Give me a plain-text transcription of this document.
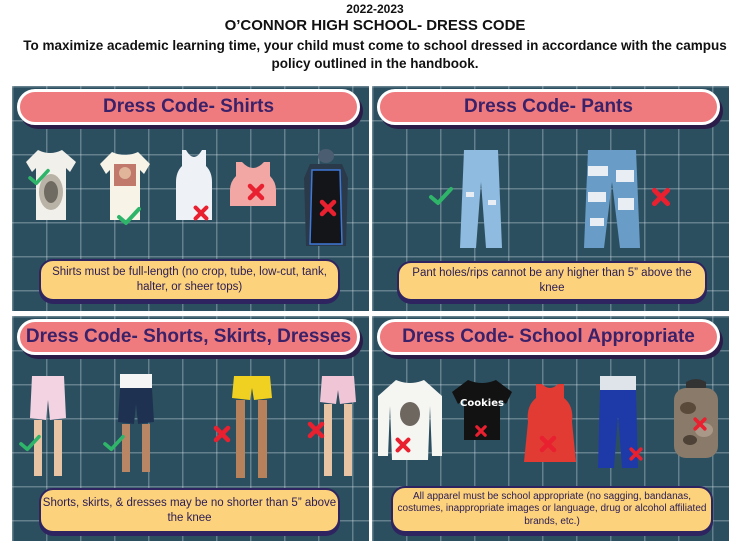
2022-2023
O’CONNOR HIGH SCHOOL- DRESS CODE
To maximize academic learning time, your child must come to school dressed in accordance with the campus policy outlined in the handbook.
Dress Code- Shirts
Shirts must be full-length (no crop, tube, low-cut, tank, halter, or sheer tops)
Dress Code- Pants
Pant holes/rips cannot be any higher than 5” above the knee
Dress Code- Shorts, Skirts, Dresses
Shorts, skirts, & dresses may be no shorter than 5” above the knee
Dress Code- School Appropriate
Cookies
All apparel must be school appropriate (no sagging, bandanas, costumes, inappropriate images or language, drug or alcohol affiliated brands, etc.)
